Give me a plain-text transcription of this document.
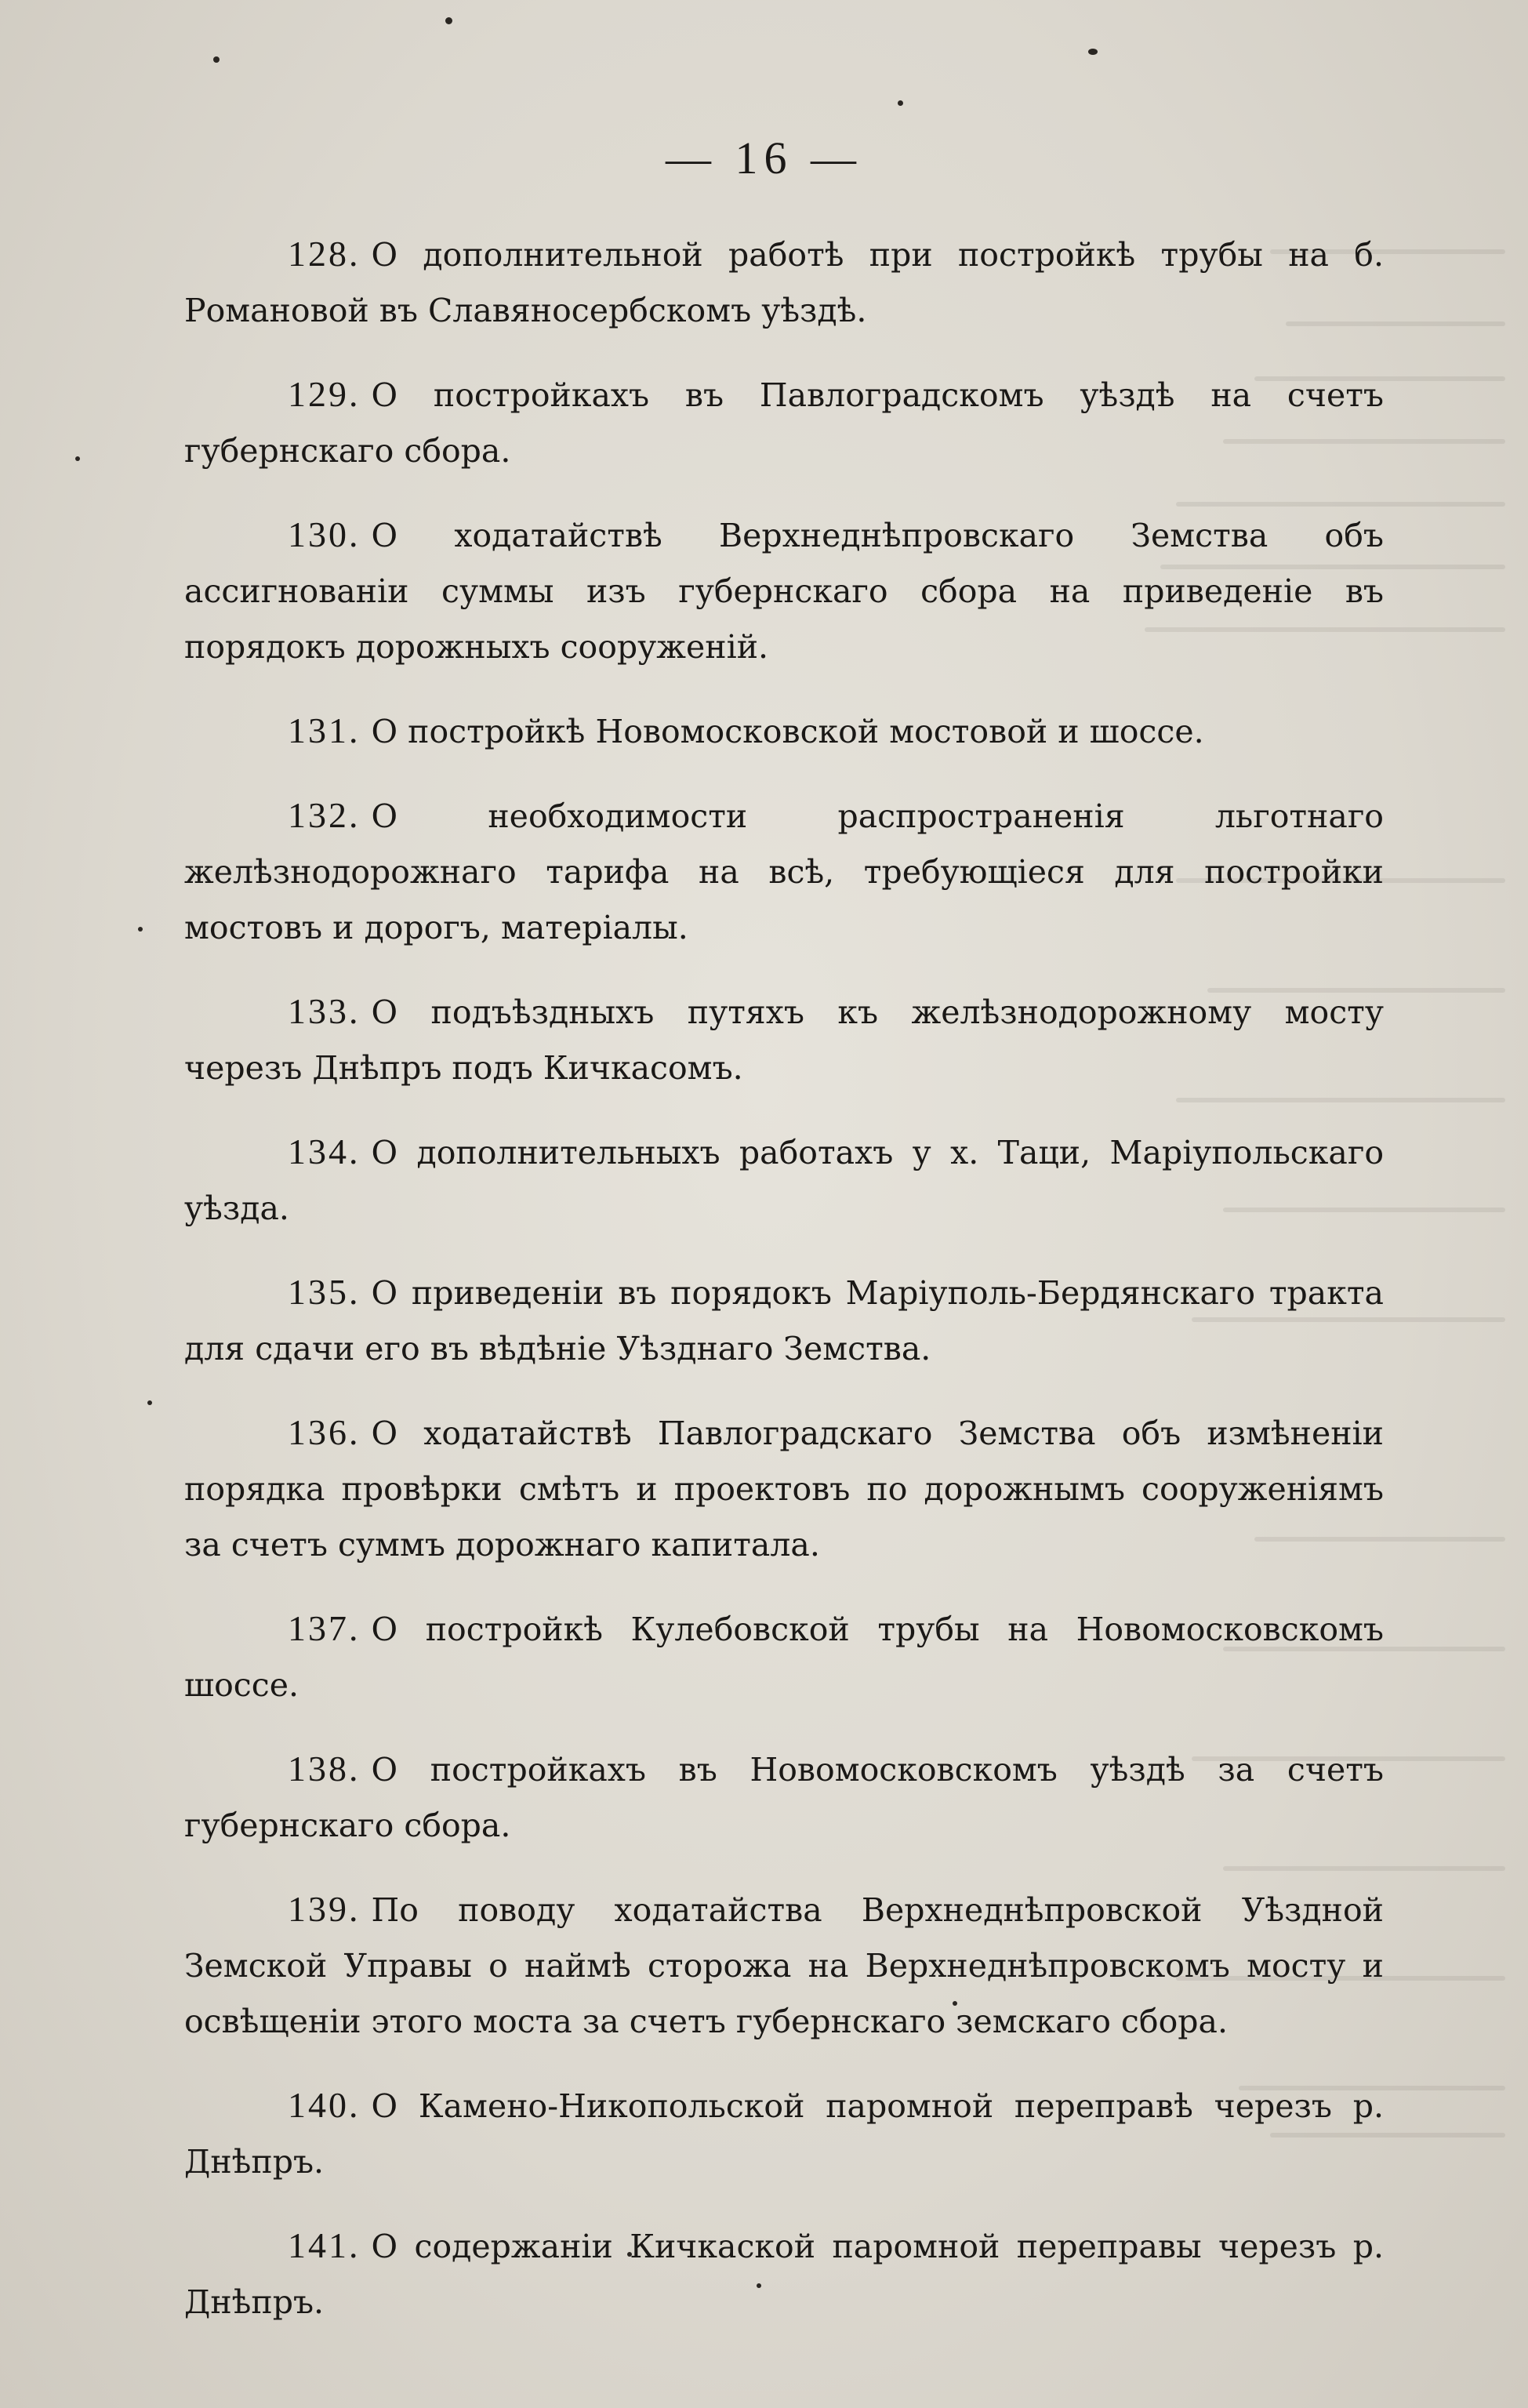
— 16 —

128. О дополнительной работѣ при постройкѣ трубы на б. Романовой въ Славяносербскомъ уѣздѣ.

129. О постройкахъ въ Павлоградскомъ уѣздѣ на счетъ губернскаго сбора.

130. О ходатайствѣ Верхнеднѣпровскаго Земства объ ассигнованiи суммы изъ губернскаго сбора на приведенiе въ порядокъ дорожныхъ сооруженiй.

131. О постройкѣ Новомосковской мостовой и шоссе.

132. О необходимости распространенiя льготнаго желѣзнодорожнаго тарифа на всѣ, требующiеся для постройки мостовъ и дорогъ, матерiалы.

133. О подъѣздныхъ путяхъ къ желѣзнодорожному мосту черезъ Днѣпръ подъ Кичкасомъ.

134. О дополнительныхъ работахъ у х. Таци, Марiупольскаго уѣзда.

135. О приведенiи въ порядокъ Марiуполь-Бердянскаго тракта для сдачи его въ вѣдѣнiе Уѣзднаго Земства.

136. О ходатайствѣ Павлоградскаго Земства объ измѣненiи порядка провѣрки смѣтъ и проектовъ по дорожнымъ сооруженiямъ за счетъ суммъ дорожнаго капитала.

137. О постройкѣ Кулебовской трубы на Новомосковскомъ шоссе.

138. О постройкахъ въ Новомосковскомъ уѣздѣ за счетъ губернскаго сбора.

139. По поводу ходатайства Верхнеднѣпровской Уѣздной Земской Управы о наймѣ сторожа на Верхнеднѣпровскомъ мосту и освѣщенiи этого моста за счетъ губернскаго земскаго сбора.

140. О Камено-Никопольской паромной переправѣ черезъ р. Днѣпръ.

141. О содержанiи Кичкаской паромной переправы черезъ р. Днѣпръ.
